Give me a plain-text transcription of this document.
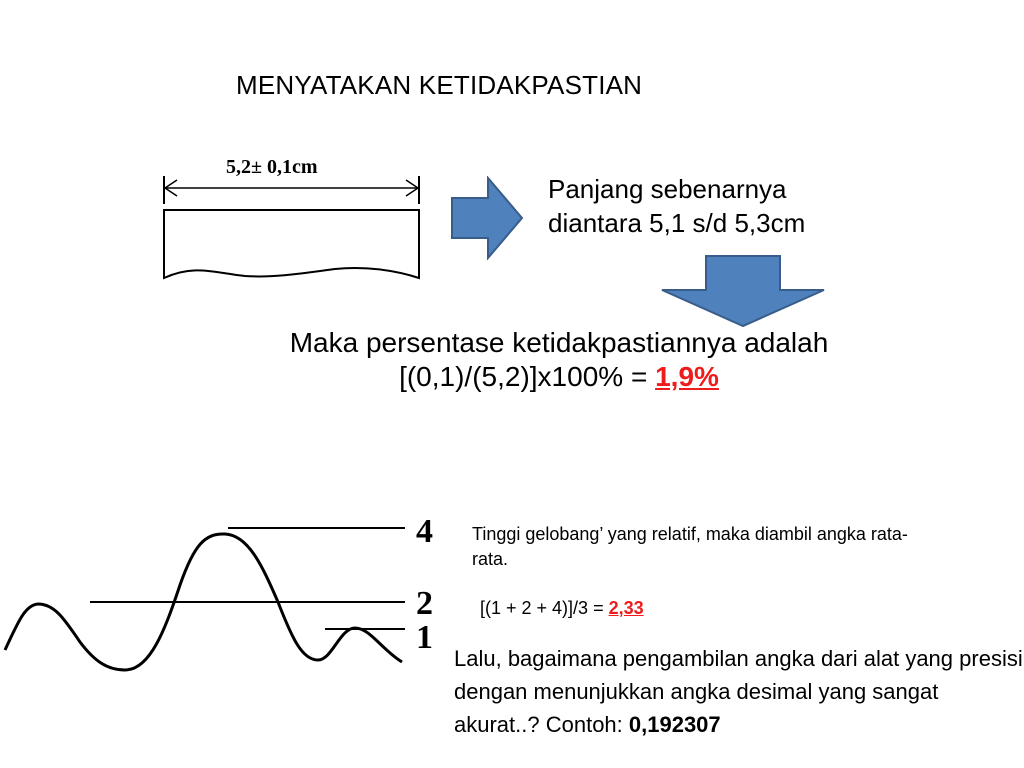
MENYATAKAN KETIDAKPASTIAN
5,2± 0,1cm
Panjang sebenarnya
diantara 5,1 s/d 5,3cm
Maka persentase ketidakpastiannya adalah
[(0,1)/(5,2)]x100% = 1,9%
4
2
1
Tinggi gelobang’ yang relatif, maka diambil angka rata-rata.
[(1 + 2 + 4)]/3 = 2,33
Lalu, bagaimana pengambilan angka dari alat yang presisi dengan menunjukkan angka desimal yang sangat akurat..? Contoh: 0,192307
